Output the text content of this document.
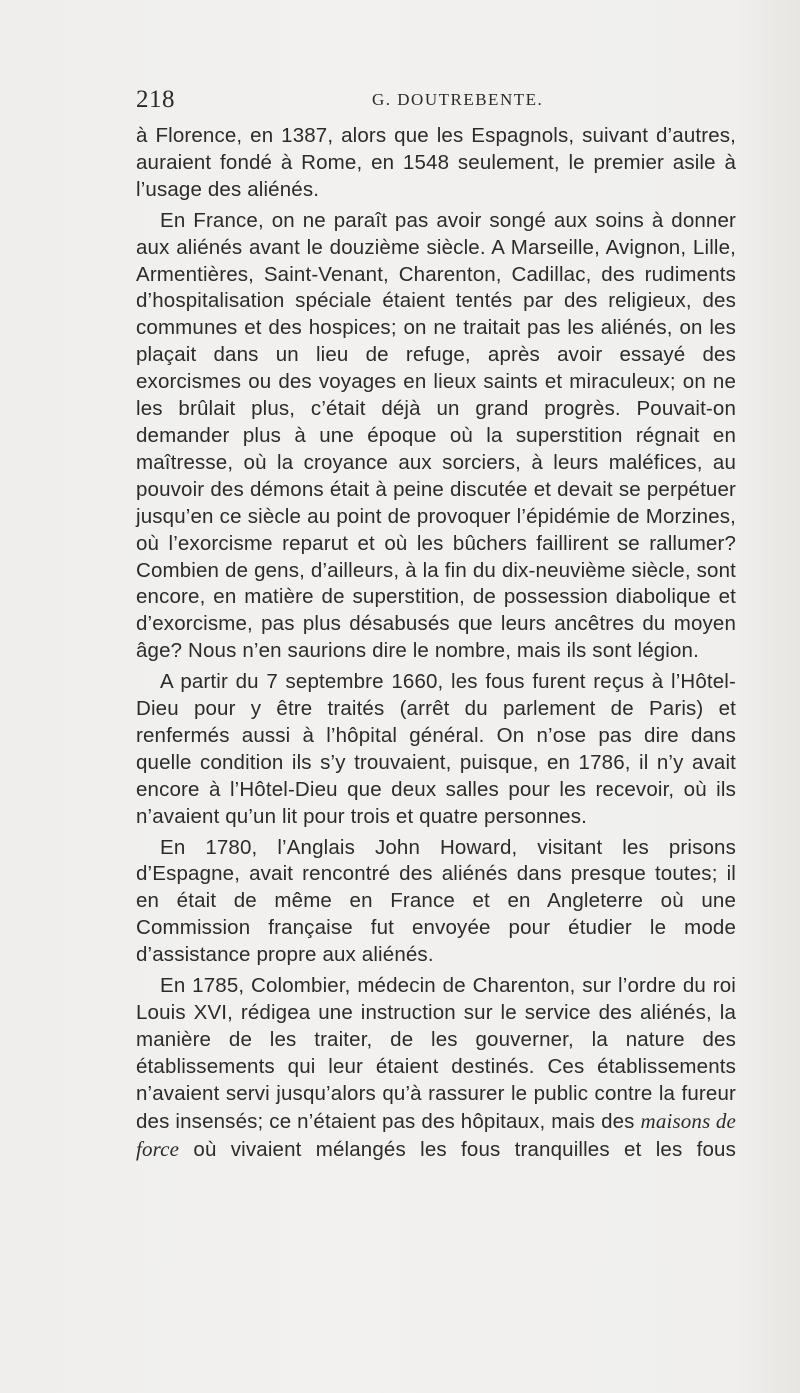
218	G. DOUTREBENTE.

à Florence, en 1387, alors que les Espagnols, suivant d’autres, auraient fondé à Rome, en 1548 seulement, le premier asile à l’usage des aliénés.

En France, on ne paraît pas avoir songé aux soins à donner aux aliénés avant le douzième siècle. A Marseille, Avignon, Lille, Armentières, Saint-Venant, Charenton, Cadillac, des rudiments d’hospitalisation spéciale étaient tentés par des religieux, des communes et des hospices; on ne traitait pas les aliénés, on les plaçait dans un lieu de refuge, après avoir essayé des exorcismes ou des voyages en lieux saints et miraculeux; on ne les brûlait plus, c’était déjà un grand progrès. Pouvait-on demander plus à une époque où la superstition régnait en maîtresse, où la croyance aux sorciers, à leurs maléfices, au pouvoir des démons était à peine discutée et devait se perpétuer jusqu’en ce siècle au point de provoquer l’épidémie de Morzines, où l’exorcisme reparut et où les bûchers faillirent se rallumer? Combien de gens, d’ailleurs, à la fin du dix-neuvième siècle, sont encore, en matière de superstition, de possession diabolique et d’exorcisme, pas plus désabusés que leurs ancêtres du moyen âge? Nous n’en saurions dire le nombre, mais ils sont légion.

A partir du 7 septembre 1660, les fous furent reçus à l’Hôtel-Dieu pour y être traités (arrêt du parlement de Paris) et renfermés aussi à l’hôpital général. On n’ose pas dire dans quelle condition ils s’y trouvaient, puisque, en 1786, il n’y avait encore à l’Hôtel-Dieu que deux salles pour les recevoir, où ils n’avaient qu’un lit pour trois et quatre personnes.

En 1780, l’Anglais John Howard, visitant les prisons d’Espagne, avait rencontré des aliénés dans presque toutes; il en était de même en France et en Angleterre où une Commission française fut envoyée pour étudier le mode d’assistance propre aux aliénés.

En 1785, Colombier, médecin de Charenton, sur l’ordre du roi Louis XVI, rédigea une instruction sur le service des aliénés, la manière de les traiter, de les gouverner, la nature des établissements qui leur étaient destinés. Ces établissements n’avaient servi jusqu’alors qu’à rassurer le public contre la fureur des insensés; ce n’étaient pas des hôpitaux, mais des maisons de force où vivaient mélangés les fous tranquilles et les fous
